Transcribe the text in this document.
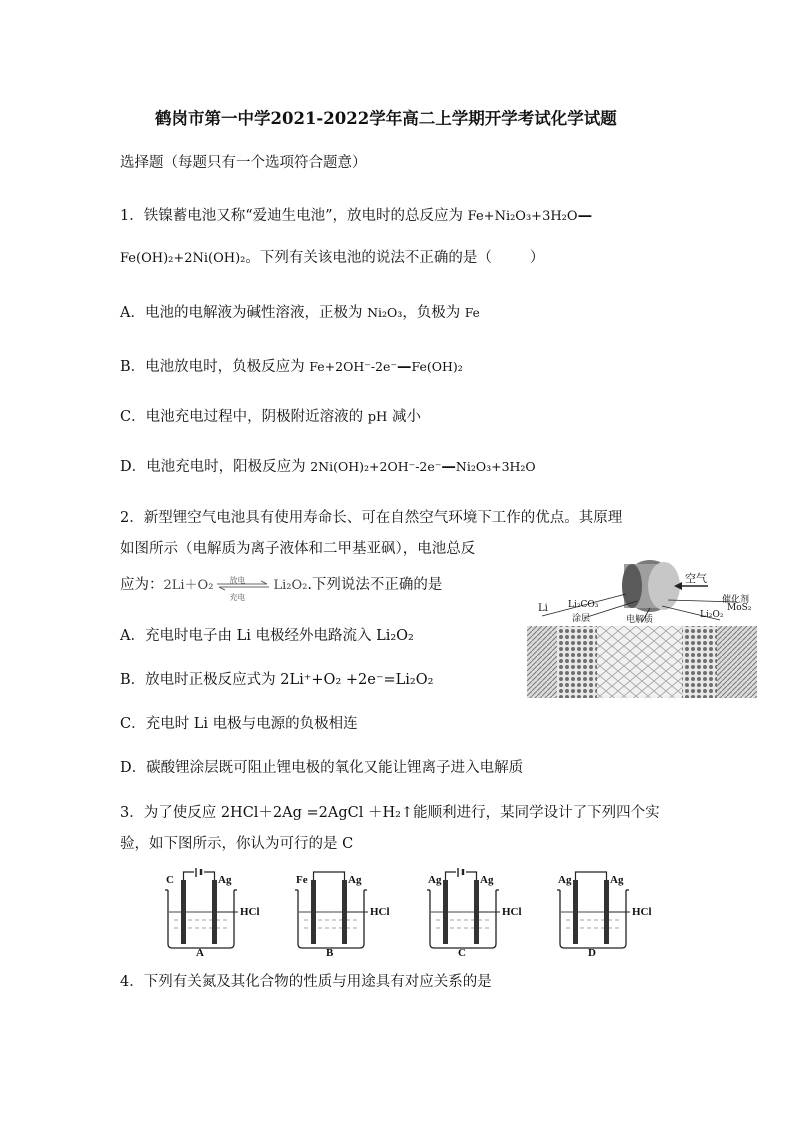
鹤岗市第一中学2021-2022学年高二上学期开学考试化学试题
选择题（每题只有一个选项符合题意）
1．铁镍蓄电池又称“爱迪生电池”，放电时的总反应为 Fe+Ni₂O₃+3H₂O—
Fe(OH)₂+2Ni(OH)₂。下列有关该电池的说法不正确的是（	）
A．电池的电解液为碱性溶液，正极为 Ni₂O₃，负极为 Fe
B．电池放电时，负极反应为 Fe+2OH⁻-2e⁻—Fe(OH)₂
C．电池充电过程中，阴极附近溶液的 pH 减小
D．电池充电时，阳极反应为 2Ni(OH)₂+2OH⁻-2e⁻—Ni₂O₃+3H₂O
2．新型锂空气电池具有使用寿命长、可在自然空气环境下工作的优点。其原理
如图所示（电解质为离子液体和二甲基亚砜），电池总反
应为：2Li＋O₂ 放电
充电
Li₂O₂.下列说法不正确的是
A．充电时电子由 Li 电极经外电路流入 Li₂O₂
B．放电时正极反应式为 2Li⁺+O₂ +2e⁻=Li₂O₂
C．充电时 Li 电极与电源的负极相连
D．碳酸锂涂层既可阻止锂电极的氧化又能让锂离子进入电解质
空气
Li Li₂CO₃
涂层	电解质
催化剂
Li₂O₂
MoS₂
3．为了使反应 2HCl＋2Ag =2AgCl ＋H₂↑能顺利进行，某同学设计了下列四个实
验，如下图所示，你认为可行的是 C
C	Ag
HCl
A
Fe	Ag
HCl
B
Ag	Ag
HCl
C
Ag	Ag
HCl
D
4．下列有关氮及其化合物的性质与用途具有对应关系的是
